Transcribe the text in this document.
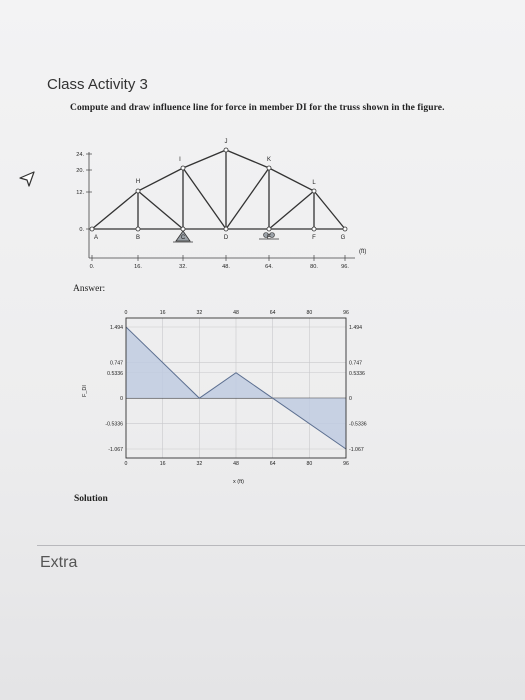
Class Activity 3
Compute and draw influence line for force in member DI for the truss shown in the figure.
24.
20.
12.
0.
0.	16.	32.	48.	64.	80.	96.
A	B	C	D	E	F	G
H
I
J
K
L
(ft)
Answer:
0
0
16
16
32
32
48
48
64
64
80
80
96
96
1.494	1.494
0.747	0.747
0.5336	0.5336
0	0
-0.5336	-0.5336
-1.067	-1.067
x (ft)
F_DI
Solution
Extra
